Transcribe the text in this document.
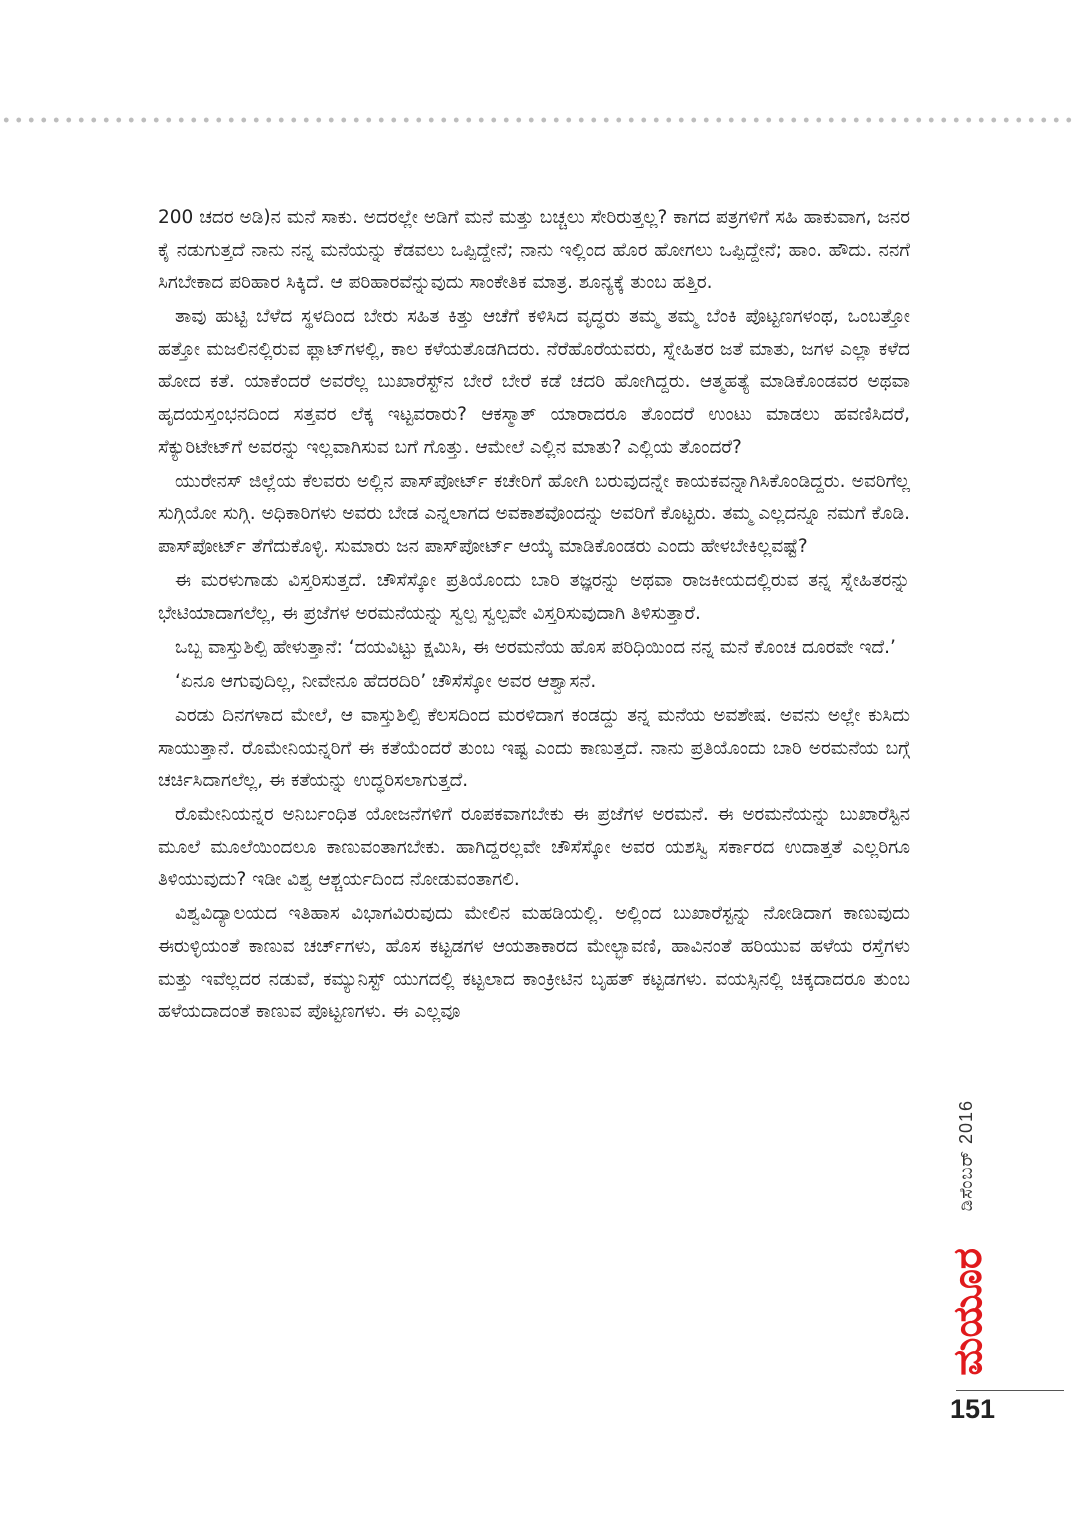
200 ಚದರ ಅಡಿ)ನ ಮನೆ ಸಾಕು. ಅದರಲ್ಲೇ ಅಡಿಗೆ ಮನೆ ಮತ್ತು ಬಚ್ಚಲು ಸೇರಿರುತ್ತಲ್ಲ? ಕಾಗದ ಪತ್ರಗಳಿಗೆ ಸಹಿ ಹಾಕುವಾಗ, ಜನರ ಕೈ ನಡುಗುತ್ತದೆ ನಾನು ನನ್ನ ಮನೆಯನ್ನು ಕೆಡವಲು ಒಪ್ಪಿದ್ದೇನೆ; ನಾನು ಇಲ್ಲಿಂದ ಹೊರ ಹೋಗಲು ಒಪ್ಪಿದ್ದೇನೆ; ಹಾಂ. ಹೌದು. ನನಗೆ ಸಿಗಬೇಕಾದ ಪರಿಹಾರ ಸಿಕ್ಕಿದೆ. ಆ ಪರಿಹಾರವೆನ್ನುವುದು ಸಾಂಕೇತಿಕ ಮಾತ್ರ. ಶೂನ್ಯಕ್ಕೆ ತುಂಬ ಹತ್ತಿರ.

ತಾವು ಹುಟ್ಟಿ ಬೆಳೆದ ಸ್ಥಳದಿಂದ ಬೇರು ಸಹಿತ ಕಿತ್ತು ಆಚೆಗೆ ಕಳಿಸಿದ ವೃದ್ಧರು ತಮ್ಮ ತಮ್ಮ ಬೆಂಕಿ ಪೊಟ್ಟಣಗಳಂಥ, ಒಂಬತ್ತೋ ಹತ್ತೋ ಮಜಲಿನಲ್ಲಿರುವ ಫ್ಲಾಟ್‌ಗಳಲ್ಲಿ, ಕಾಲ ಕಳೆಯತೊಡಗಿದರು. ನೆರೆಹೊರೆಯವರು, ಸ್ನೇಹಿತರ ಜತೆ ಮಾತು, ಜಗಳ ಎಲ್ಲಾ ಕಳೆದ ಹೋದ ಕತೆ. ಯಾಕೆಂದರೆ ಅವರೆಲ್ಲ ಬುಖಾರೆಸ್ಟ್‌ನ ಬೇರೆ ಬೇರೆ ಕಡೆ ಚದರಿ ಹೋಗಿದ್ದರು. ಆತ್ಮಹತ್ಯೆ ಮಾಡಿಕೊಂಡವರ ಅಥವಾ ಹೃದಯಸ್ತಂಭನದಿಂದ ಸತ್ತವರ ಲೆಕ್ಕ ಇಟ್ಟವರಾರು? ಆಕಸ್ಮಾತ್ ಯಾರಾದರೂ ತೊಂದರೆ ಉಂಟು ಮಾಡಲು ಹವಣಿಸಿದರೆ, ಸೆಕ್ಯುರಿಟೇಟ್‌ಗೆ ಅವರನ್ನು ಇಲ್ಲವಾಗಿಸುವ ಬಗೆ ಗೊತ್ತು. ಆಮೇಲೆ ಎಲ್ಲಿನ ಮಾತು? ಎಲ್ಲಿಯ ತೊಂದರೆ?

ಯುರೇನಸ್ ಜಿಲ್ಲೆಯ ಕೆಲವರು ಅಲ್ಲಿನ ಪಾಸ್‌ಪೋರ್ಟ್ ಕಚೇರಿಗೆ ಹೋಗಿ ಬರುವುದನ್ನೇ ಕಾಯಕವನ್ನಾಗಿಸಿಕೊಂಡಿದ್ದರು. ಅವರಿಗೆಲ್ಲ ಸುಗ್ಗಿಯೋ ಸುಗ್ಗಿ. ಅಧಿಕಾರಿಗಳು ಅವರು ಬೇಡ ಎನ್ನಲಾಗದ ಅವಕಾಶವೊಂದನ್ನು ಅವರಿಗೆ ಕೊಟ್ಟರು. ತಮ್ಮ ಎಲ್ಲದನ್ನೂ ನಮಗೆ ಕೊಡಿ. ಪಾಸ್‌ಪೋರ್ಟ್ ತೆಗೆದುಕೊಳ್ಳಿ. ಸುಮಾರು ಜನ ಪಾಸ್‌ಪೋರ್ಟ್ ಆಯ್ಕೆ ಮಾಡಿಕೊಂಡರು ಎಂದು ಹೇಳಬೇಕಿಲ್ಲವಷ್ಟೆ?

ಈ ಮರಳುಗಾಡು ವಿಸ್ತರಿಸುತ್ತದೆ. ಚೌಸೆಸ್ಕೋ ಪ್ರತಿಯೊಂದು ಬಾರಿ ತಜ್ಞರನ್ನು ಅಥವಾ ರಾಜಕೀಯದಲ್ಲಿರುವ ತನ್ನ ಸ್ನೇಹಿತರನ್ನು ಭೇಟಿಯಾದಾಗಲೆಲ್ಲ, ಈ ಪ್ರಜೆಗಳ ಅರಮನೆಯನ್ನು ಸ್ವಲ್ಪ ಸ್ವಲ್ಪವೇ ವಿಸ್ತರಿಸುವುದಾಗಿ ತಿಳಿಸುತ್ತಾರೆ.

ಒಬ್ಬ ವಾಸ್ತುಶಿಲ್ಪಿ ಹೇಳುತ್ತಾನೆ: ‘ದಯವಿಟ್ಟು ಕ್ಷಮಿಸಿ, ಈ ಅರಮನೆಯ ಹೊಸ ಪರಿಧಿಯಿಂದ ನನ್ನ ಮನೆ ಕೊಂಚ ದೂರವೇ ಇದೆ.’

‘ಏನೂ ಆಗುವುದಿಲ್ಲ, ನೀವೇನೂ ಹೆದರದಿರಿ’ ಚೌಸೆಸ್ಕೋ ಅವರ ಆಶ್ವಾಸನೆ.

ಎರಡು ದಿನಗಳಾದ ಮೇಲೆ, ಆ ವಾಸ್ತುಶಿಲ್ಪಿ ಕೆಲಸದಿಂದ ಮರಳಿದಾಗ ಕಂಡದ್ದು ತನ್ನ ಮನೆಯ ಅವಶೇಷ. ಅವನು ಅಲ್ಲೇ ಕುಸಿದು ಸಾಯುತ್ತಾನೆ. ರೊಮೇನಿಯನ್ನರಿಗೆ ಈ ಕತೆಯೆಂದರೆ ತುಂಬ ಇಷ್ಟ ಎಂದು ಕಾಣುತ್ತದೆ. ನಾನು ಪ್ರತಿಯೊಂದು ಬಾರಿ ಅರಮನೆಯ ಬಗ್ಗೆ ಚರ್ಚಿಸಿದಾಗಲೆಲ್ಲ, ಈ ಕತೆಯನ್ನು ಉದ್ಧರಿಸಲಾಗುತ್ತದೆ.

ರೊಮೇನಿಯನ್ನರ ಅನಿರ್ಬಂಧಿತ ಯೋಜನೆಗಳಿಗೆ ರೂಪಕವಾಗಬೇಕು ಈ ಪ್ರಜೆಗಳ ಅರಮನೆ. ಈ ಅರಮನೆಯನ್ನು ಬುಖಾರೆಸ್ಟಿನ ಮೂಲೆ ಮೂಲೆಯಿಂದಲೂ ಕಾಣುವಂತಾಗಬೇಕು. ಹಾಗಿದ್ದರಲ್ಲವೇ ಚೌಸೆಸ್ಕೋ ಅವರ ಯಶಸ್ವಿ ಸರ್ಕಾರದ ಉದಾತ್ತತೆ ಎಲ್ಲರಿಗೂ ತಿಳಿಯುವುದು? ಇಡೀ ವಿಶ್ವ ಆಶ್ಚರ್ಯದಿಂದ ನೋಡುವಂತಾಗಲಿ.

ವಿಶ್ವವಿದ್ಯಾಲಯದ ಇತಿಹಾಸ ವಿಭಾಗವಿರುವುದು ಮೇಲಿನ ಮಹಡಿಯಲ್ಲಿ. ಅಲ್ಲಿಂದ ಬುಖಾರೆಸ್ಟನ್ನು ನೋಡಿದಾಗ ಕಾಣುವುದು ಈರುಳ್ಳಿಯಂತೆ ಕಾಣುವ ಚರ್ಚ್‌ಗಳು, ಹೊಸ ಕಟ್ಟಡಗಳ ಆಯತಾಕಾರದ ಮೇಲ್ಭಾವಣಿ, ಹಾವಿನಂತೆ ಹರಿಯುವ ಹಳೆಯ ರಸ್ತೆಗಳು ಮತ್ತು ಇವೆಲ್ಲದರ ನಡುವೆ, ಕಮ್ಯುನಿಸ್ಟ್ ಯುಗದಲ್ಲಿ ಕಟ್ಟಲಾದ ಕಾಂಕ್ರೀಟಿನ ಬೃಹತ್ ಕಟ್ಟಡಗಳು. ವಯಸ್ಸಿನಲ್ಲಿ ಚಿಕ್ಕದಾದರೂ ತುಂಬ ಹಳೆಯದಾದಂತೆ ಕಾಣುವ ಪೊಟ್ಟಣಗಳು. ಈ ಎಲ್ಲವೂ

ಡಿಸೆಂಬರ್ 2016
ಮಯೂರ
151
